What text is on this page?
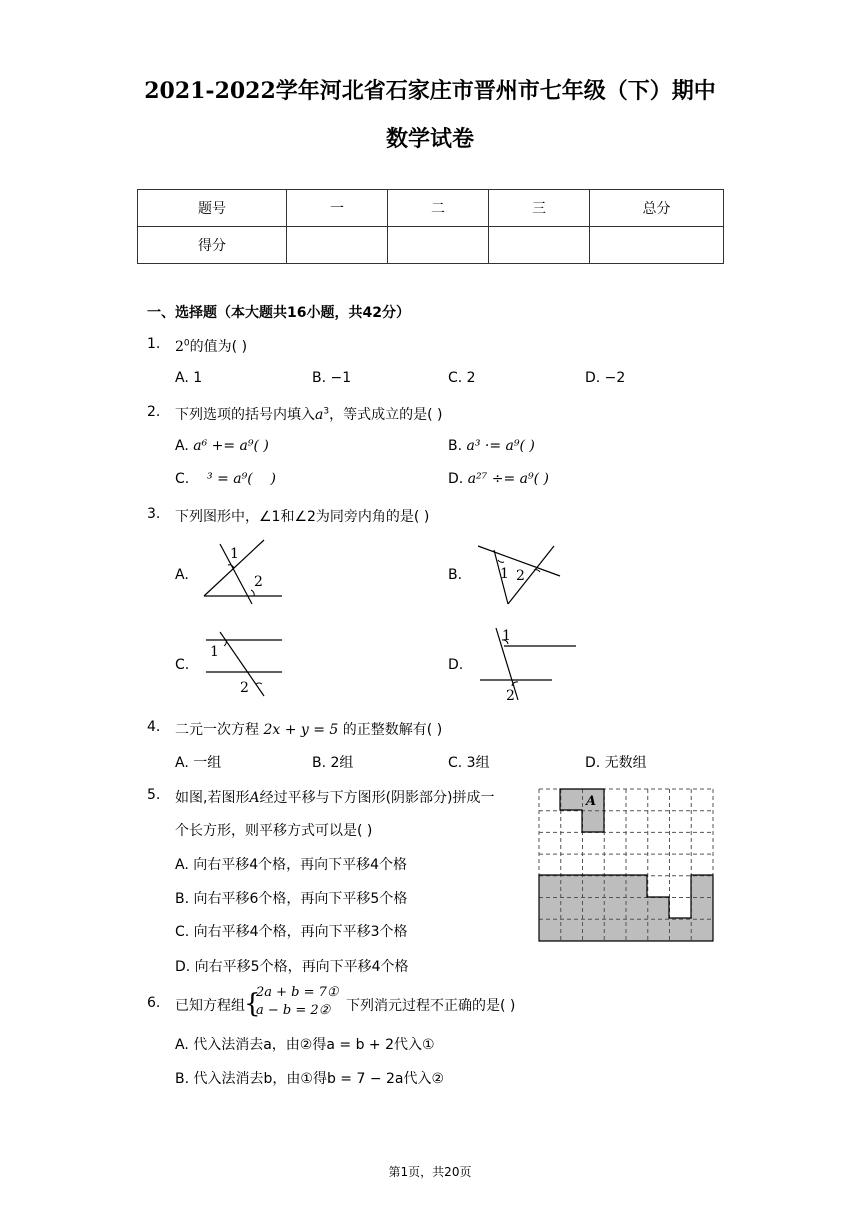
2021-2022学年河北省石家庄市晋州市七年级（下）期中
数学试卷
题号	一	二	三	总分
得分				
一、选择题（本大题共16小题，共42分）
1. $2^0$的值为( )
A. 1	B. −1	C. 2	D. −2
2. 下列选项的括号内填入$a^3$，等式成立的是( )
A. a⁶ += a⁹( )	B. a³ ·= a⁹( )
C.    ³ = a⁹(    )	D. a²⁷ ÷= a⁹( )
3. 下列图形中，∠1和∠2为同旁内角的是( )
A.
1
2	B.	1 2
C.
1
2
D.
1
2
4. 二元一次方程 2x + y = 5 的正整数解有( )
A. 一组	B. 2组	C. 3组	D. 无数组
5. 如图,若图形A经过平移与下方图形(阴影部分)拼成一
个长方形，则平移方式可以是( )
A. 向右平移4个格，再向下平移4个格
B. 向右平移6个格，再向下平移5个格
C. 向右平移4个格，再向下平移3个格
D. 向右平移5个格，再向下平移4个格
A
6. 已知方程组 {
2a + b = 7①
a − b = 2② 下列消元过程不正确的是( )
A. 代入法消去a，由②得a = b + 2代入①
B. 代入法消去b，由①得b = 7 − 2a代入②
第1页，共20页
